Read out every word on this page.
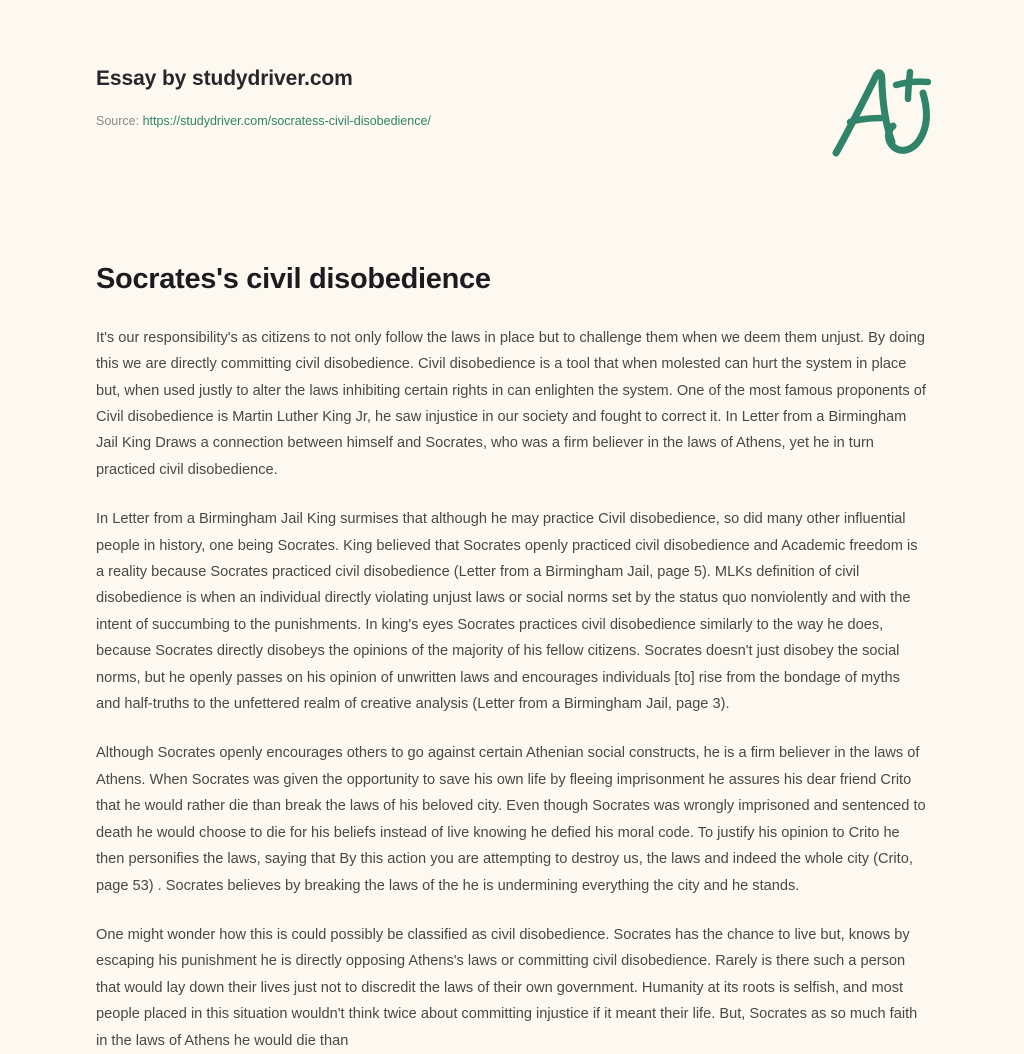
Essay by studydriver.com
Source: https://studydriver.com/socratess-civil-disobedience/
Socrates's civil disobedience

It's our responsibility's as citizens to not only follow the laws in place but to challenge them when we deem them unjust. By doing this we are directly committing civil disobedience. Civil disobedience is a tool that when molested can hurt the system in place but, when used justly to alter the laws inhibiting certain rights in can enlighten the system. One of the most famous proponents of Civil disobedience is Martin Luther King Jr, he saw injustice in our society and fought to correct it. In Letter from a Birmingham Jail King Draws a connection between himself and Socrates, who was a firm believer in the laws of Athens, yet he in turn practiced civil disobedience.

In Letter from a Birmingham Jail King surmises that although he may practice Civil disobedience, so did many other influential people in history, one being Socrates. King believed that Socrates openly practiced civil disobedience and Academic freedom is a reality because Socrates practiced civil disobedience (Letter from a Birmingham Jail, page 5). MLKs definition of civil disobedience is when an individual directly violating unjust laws or social norms set by the status quo nonviolently and with the intent of succumbing to the punishments. In king's eyes Socrates practices civil disobedience similarly to the way he does, because Socrates directly disobeys the opinions of the majority of his fellow citizens. Socrates doesn't just disobey the social norms, but he openly passes on his opinion of unwritten laws and encourages individuals [to] rise from the bondage of myths and half-truths to the unfettered realm of creative analysis (Letter from a Birmingham Jail, page 3).

Although Socrates openly encourages others to go against certain Athenian social constructs, he is a firm believer in the laws of Athens. When Socrates was given the opportunity to save his own life by fleeing imprisonment he assures his dear friend Crito that he would rather die than break the laws of his beloved city. Even though Socrates was wrongly imprisoned and sentenced to death he would choose to die for his beliefs instead of live knowing he defied his moral code. To justify his opinion to Crito he then personifies the laws, saying that By this action you are attempting to destroy us, the laws and indeed the whole city (Crito, page 53) . Socrates believes by breaking the laws of the he is undermining everything the city and he stands.

One might wonder how this is could possibly be classified as civil disobedience. Socrates has the chance to live but, knows by escaping his punishment he is directly opposing Athens's laws or committing civil disobedience. Rarely is there such a person that would lay down their lives just not to discredit the laws of their own government. Humanity at its roots is selfish, and most people placed in this situation wouldn't think twice about committing injustice if it meant their life. But, Socrates as so much faith in the laws of Athens he would die than
